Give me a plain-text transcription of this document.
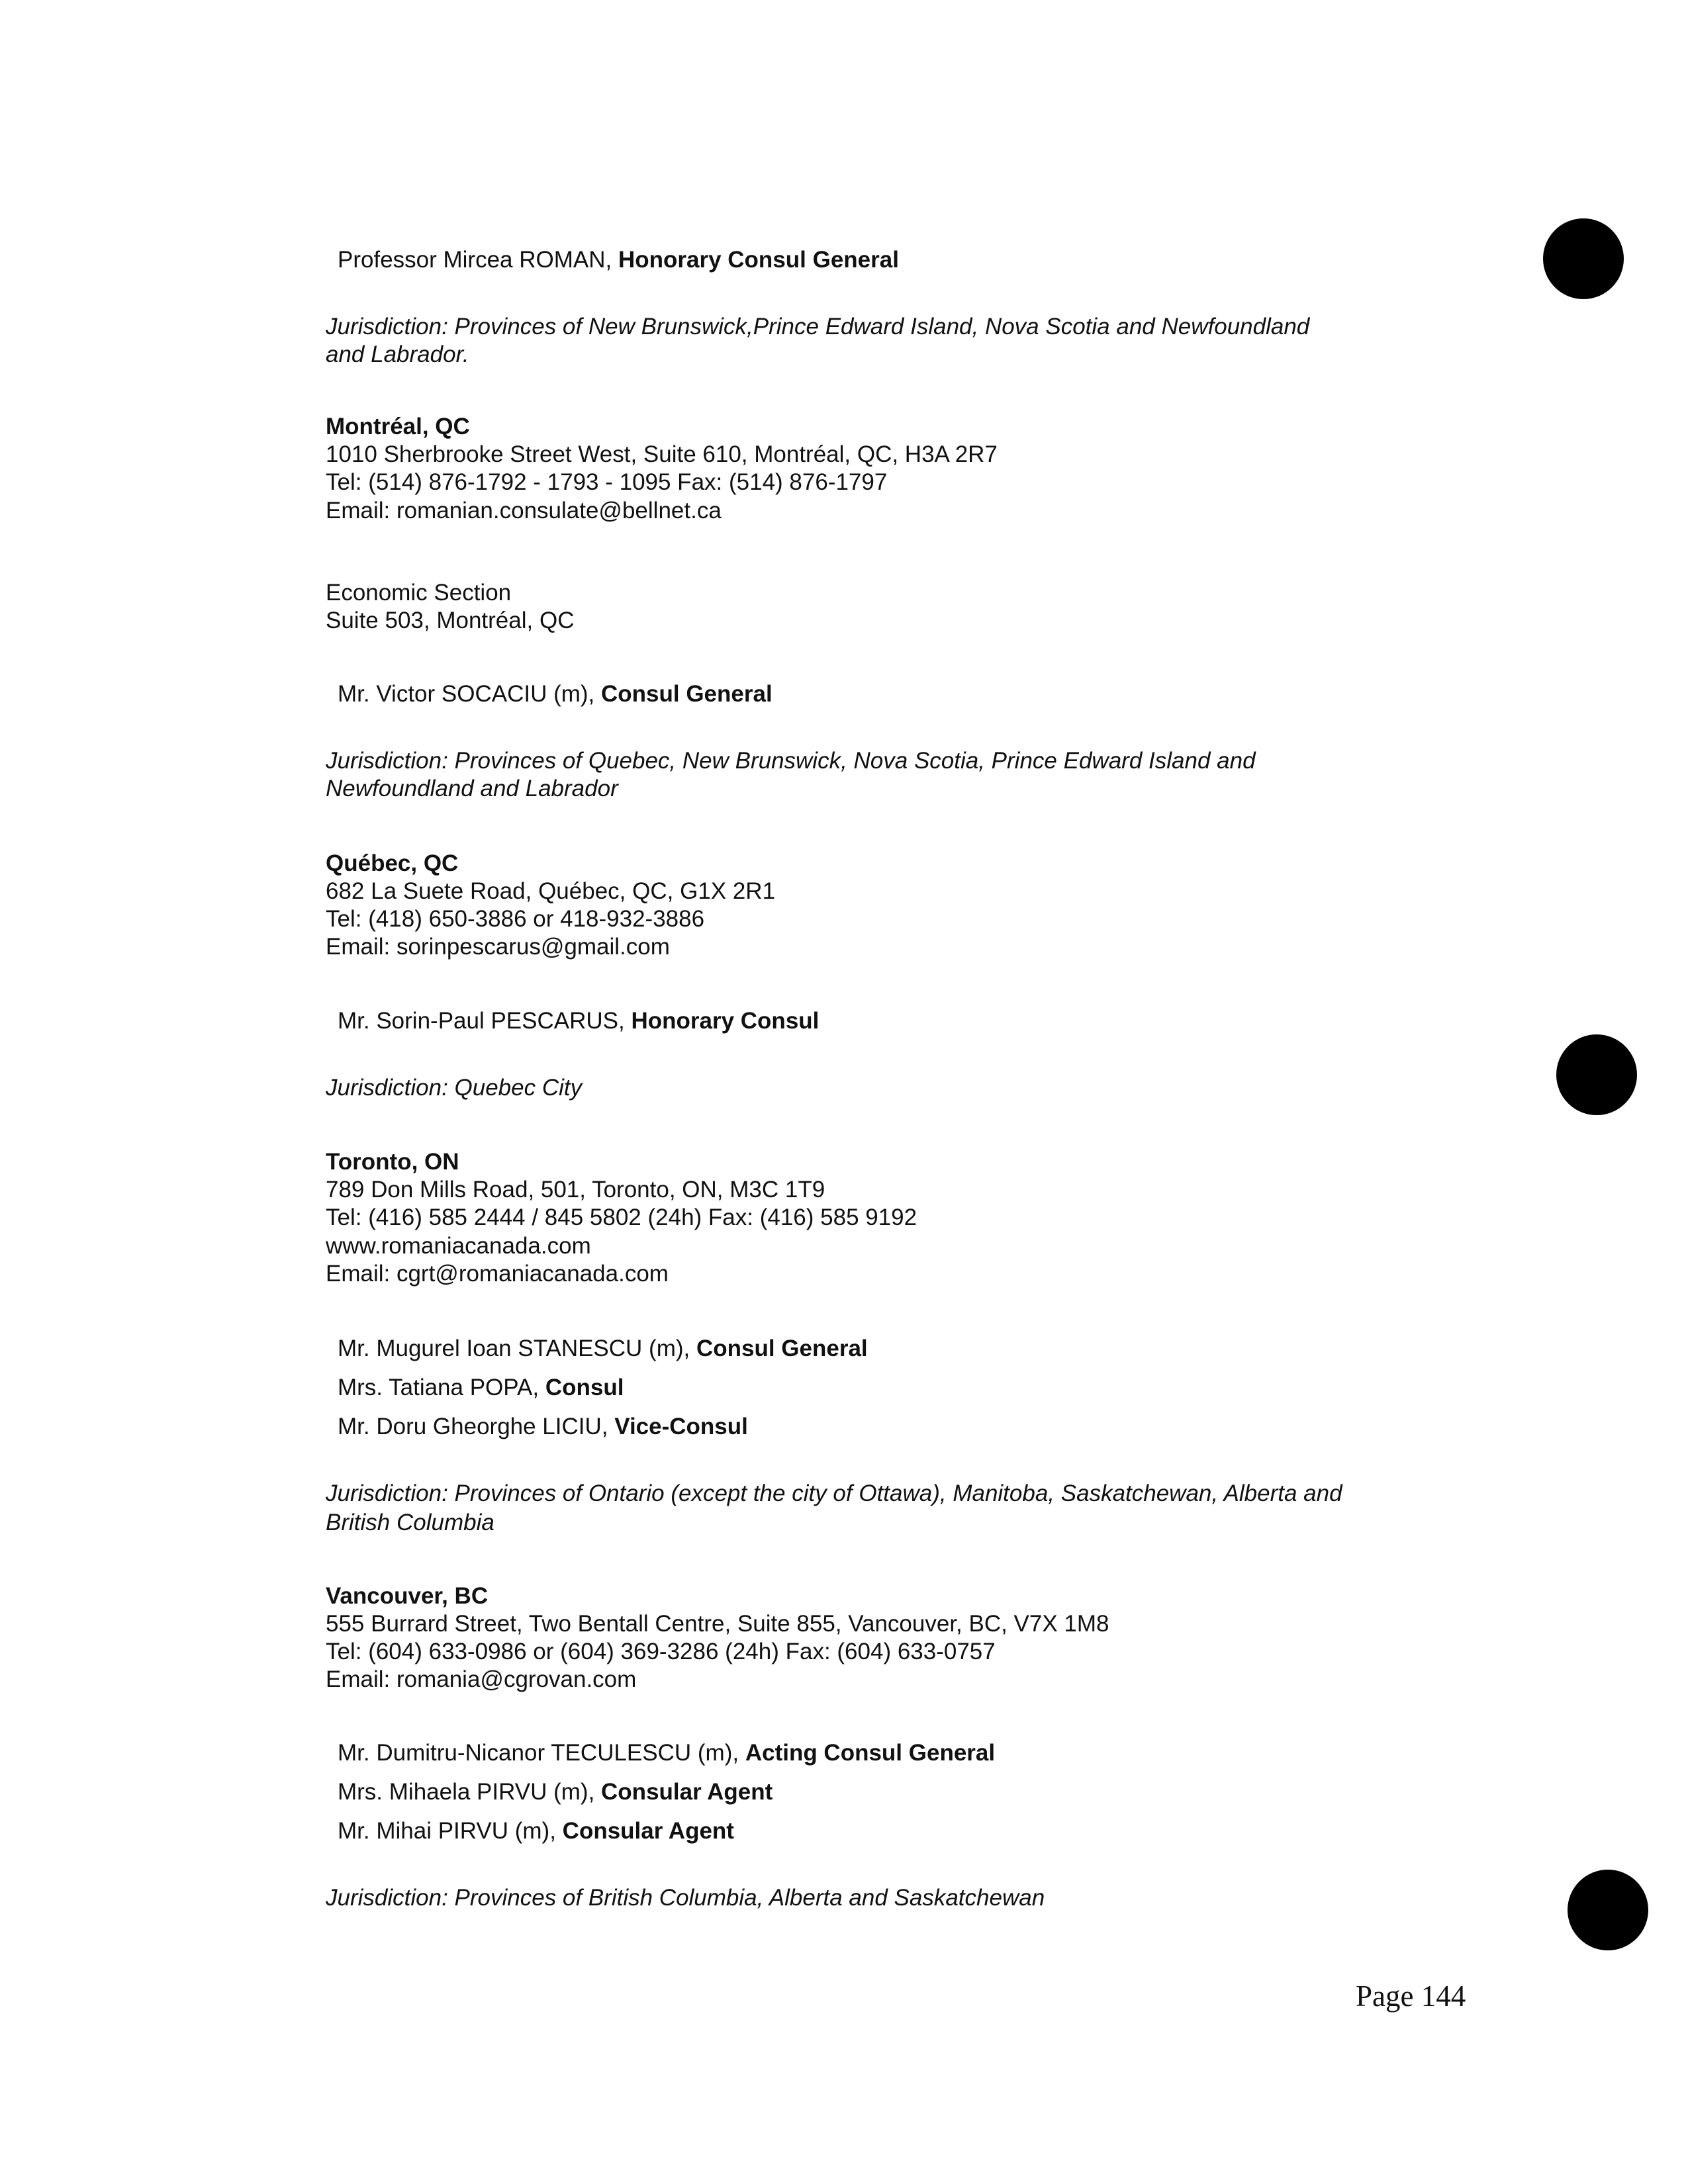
Professor Mircea ROMAN, Honorary Consul General

Jurisdiction: Provinces of New Brunswick,Prince Edward Island, Nova Scotia and Newfoundland

and Labrador.

Montréal, QC

1010 Sherbrooke Street West, Suite 610, Montréal, QC, H3A 2R7

Tel: (514) 876-1792 - 1793 - 1095 Fax: (514) 876-1797

Email: romanian.consulate@bellnet.ca

Economic Section

Suite 503, Montréal, QC

Mr. Victor SOCACIU (m), Consul General

Jurisdiction: Provinces of Quebec, New Brunswick, Nova Scotia, Prince Edward Island and

Newfoundland and Labrador

Québec, QC

682 La Suete Road, Québec, QC, G1X 2R1

Tel: (418) 650-3886 or 418-932-3886

Email: sorinpescarus@gmail.com

Mr. Sorin-Paul PESCARUS, Honorary Consul

Jurisdiction: Quebec City

Toronto, ON

789 Don Mills Road, 501, Toronto, ON, M3C 1T9

Tel: (416) 585 2444 / 845 5802 (24h) Fax: (416) 585 9192

www.romaniacanada.com

Email: cgrt@romaniacanada.com

Mr. Mugurel Ioan STANESCU (m), Consul General

Mrs. Tatiana POPA, Consul

Mr. Doru Gheorghe LICIU, Vice-Consul

Jurisdiction: Provinces of Ontario (except the city of Ottawa), Manitoba, Saskatchewan, Alberta and

British Columbia

Vancouver, BC

555 Burrard Street, Two Bentall Centre, Suite 855, Vancouver, BC, V7X 1M8

Tel: (604) 633-0986 or (604) 369-3286 (24h) Fax: (604) 633-0757

Email: romania@cgrovan.com

Mr. Dumitru-Nicanor TECULESCU (m), Acting Consul General

Mrs. Mihaela PIRVU (m), Consular Agent

Mr. Mihai PIRVU (m), Consular Agent

Jurisdiction: Provinces of British Columbia, Alberta and Saskatchewan

Page 144
